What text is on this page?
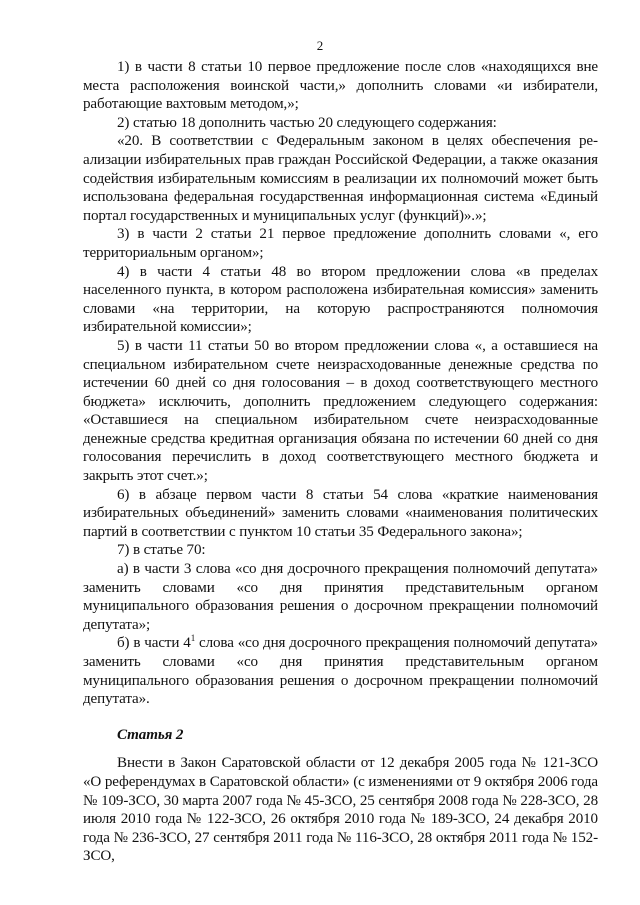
2

1) в части 8 статьи 10 первое предложение после слов «находящихся вне места расположения воинской части,» дополнить словами «и избиратели, работающие вахтовым методом,»;

2) статью 18 дополнить частью 20 следующего содержания:

«20. В соответствии с Федеральным законом в целях обеспечения реализации избирательных прав граждан Российской Федерации, а также оказания содействия избирательным комиссиям в реализации их полномочий может быть использована федеральная государственная информационная система «Единый портал государственных и муниципальных услуг (функций)».»;

3) в части 2 статьи 21 первое предложение дополнить словами «, его территориальным органом»;

4) в части 4 статьи 48 во втором предложении слова «в пределах населенного пункта, в котором расположена избирательная комиссия» заменить словами «на территории, на которую распространяются полномочия избирательной комиссии»;

5) в части 11 статьи 50 во втором предложении слова «, а оставшиеся на специальном избирательном счете неизрасходованные денежные средства по истечении 60 дней со дня голосования – в доход соответствующего местного бюджета» исключить, дополнить предложением следующего содержания: «Оставшиеся на специальном избирательном счете неизрасходованные денежные средства кредитная организация обязана по истечении 60 дней со дня голосования перечислить в доход соответствующего местного бюджета и закрыть этот счет.»;

6) в абзаце первом части 8 статьи 54 слова «краткие наименования избирательных объединений» заменить словами «наименования политических партий в соответствии с пунктом 10 статьи 35 Федерального закона»;

7) в статье 70:

а) в части 3 слова «со дня досрочного прекращения полномочий депутата» заменить словами «со дня принятия представительным органом муниципального образования решения о досрочном прекращении полномочий депутата»;

б) в части $4^1$ слова «со дня досрочного прекращения полномочий депутата» заменить словами «со дня принятия представительным органом муниципального образования решения о досрочном прекращении полномочий депутата».

Статья 2

Внести в Закон Саратовской области от 12 декабря 2005 года № 121-ЗСО «О референдумах в Саратовской области» (с изменениями от 9 октября 2006 года № 109-ЗСО, 30 марта 2007 года № 45-ЗСО, 25 сентября 2008 года № 228-ЗСО, 28 июля 2010 года № 122-ЗСО, 26 октября 2010 года № 189-ЗСО, 24 декабря 2010 года № 236-ЗСО, 27 сентября 2011 года № 116-ЗСО, 28 октября 2011 года № 152-ЗСО,
